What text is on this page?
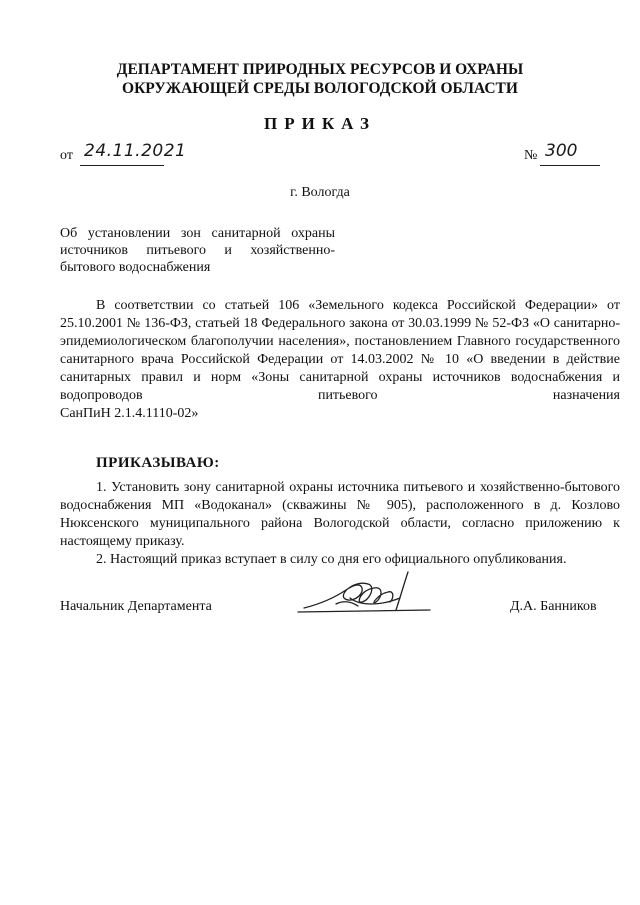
ДЕПАРТАМЕНТ ПРИРОДНЫХ РЕСУРСОВ И ОХРАНЫ
ОКРУЖАЮЩЕЙ СРЕДЫ ВОЛОГОДСКОЙ ОБЛАСТИ
ПРИКАЗ
от 24.11.2021	№ 300
г. Вологда
Об установлении зон санитарной охраны
источников питьевого и хозяйственно-
бытового водоснабжения
В соответствии со статьей 106 «Земельного кодекса Российской Федерации» от 25.10.2001 № 136-ФЗ, статьей 18 Федерального закона от 30.03.1999 № 52-ФЗ «О санитарно-эпидемиологическом благополучии населения», постановлением Главного государственного санитарного врача Российской Федерации от 14.03.2002 № 10 «О введении в действие санитарных правил и норм «Зоны санитарной охраны источников водоснабжения и водопроводов питьевого назначения
СанПиН 2.1.4.1110-02»
ПРИКАЗЫВАЮ:
1. Установить зону санитарной охраны источника питьевого и хозяйственно-бытового водоснабжения МП «Водоканал» (скважины № 905), расположенного в д. Козлово Нюксенского муниципального района Вологодской области, согласно приложению к настоящему приказу.
2. Настоящий приказ вступает в силу со дня его официального опубликования.
Начальник Департамента	Д.А. Банников
